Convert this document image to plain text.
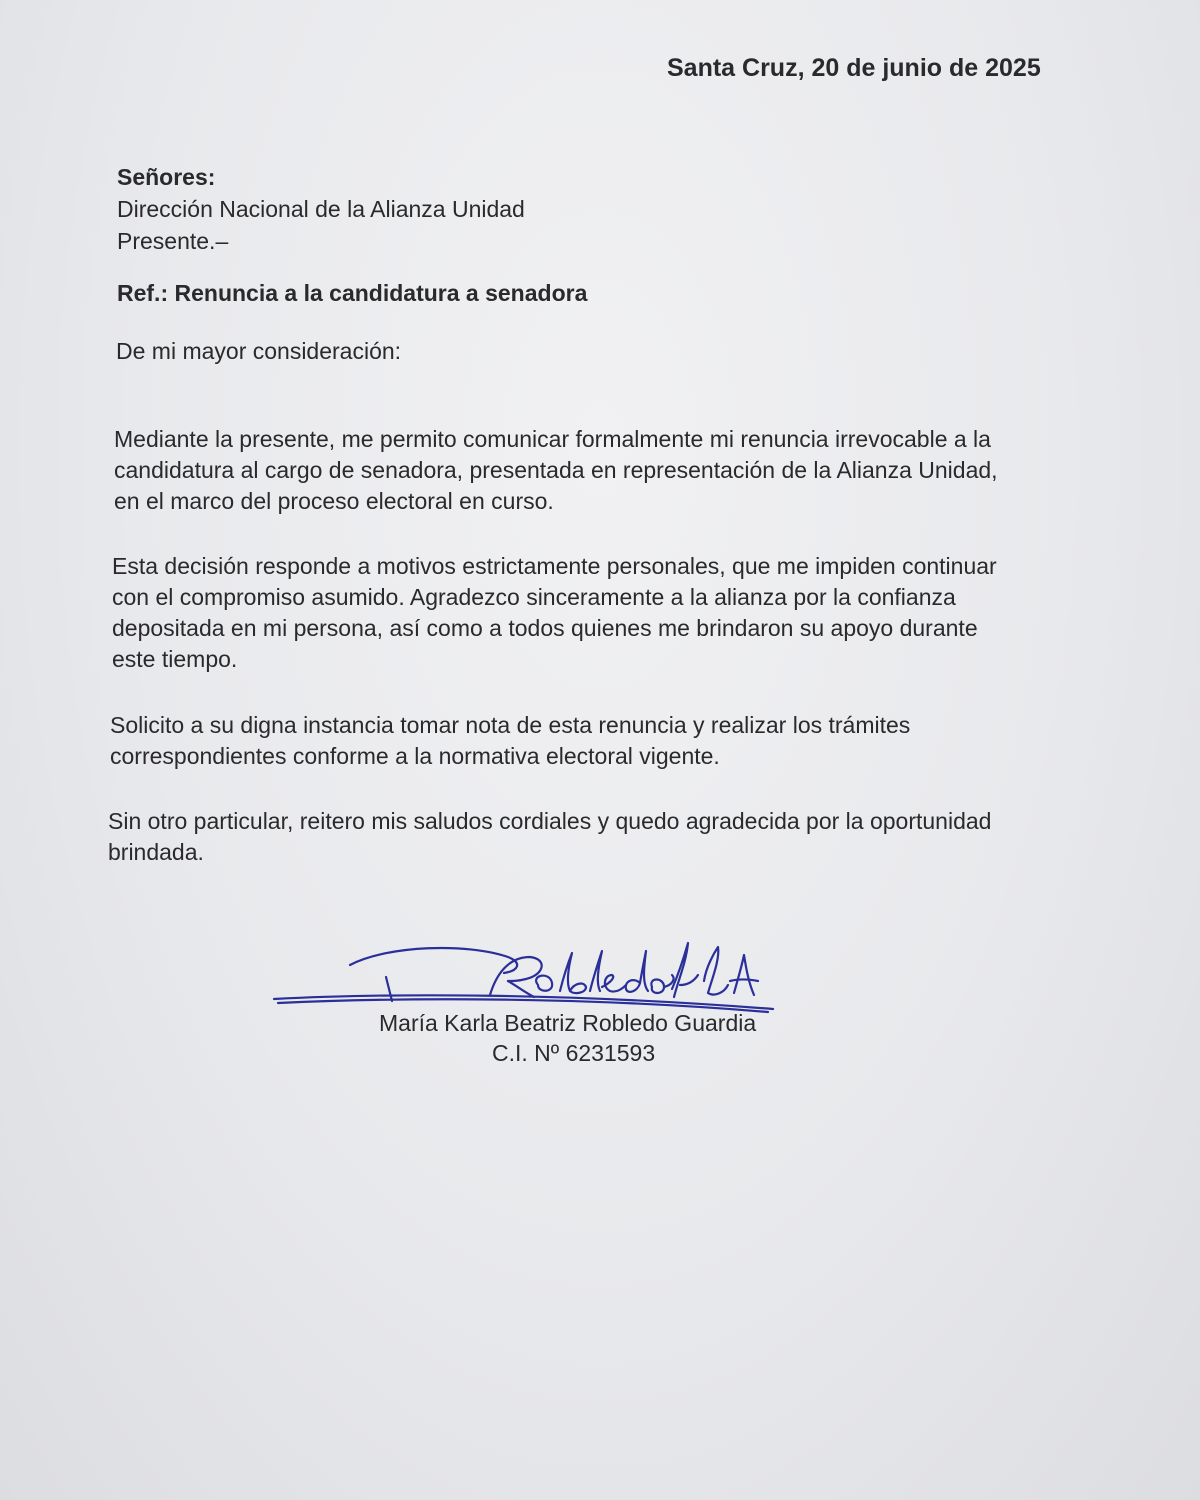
Santa Cruz, 20 de junio de 2025

Señores:
Dirección Nacional de la Alianza Unidad
Presente.–

Ref.: Renuncia a la candidatura a senadora

De mi mayor consideración:

Mediante la presente, me permito comunicar formalmente mi renuncia irrevocable a la
candidatura al cargo de senadora, presentada en representación de la Alianza Unidad,
en el marco del proceso electoral en curso.
Esta decisión responde a motivos estrictamente personales, que me impiden continuar
con el compromiso asumido. Agradezco sinceramente a la alianza por la confianza
depositada en mi persona, así como a todos quienes me brindaron su apoyo durante
este tiempo.
Solicito a su digna instancia tomar nota de esta renuncia y realizar los trámites
correspondientes conforme a la normativa electoral vigente.
Sin otro particular, reitero mis saludos cordiales y quedo agradecida por la oportunidad
brindada.

María Karla Beatriz Robledo Guardia

C.I. Nº 6231593
